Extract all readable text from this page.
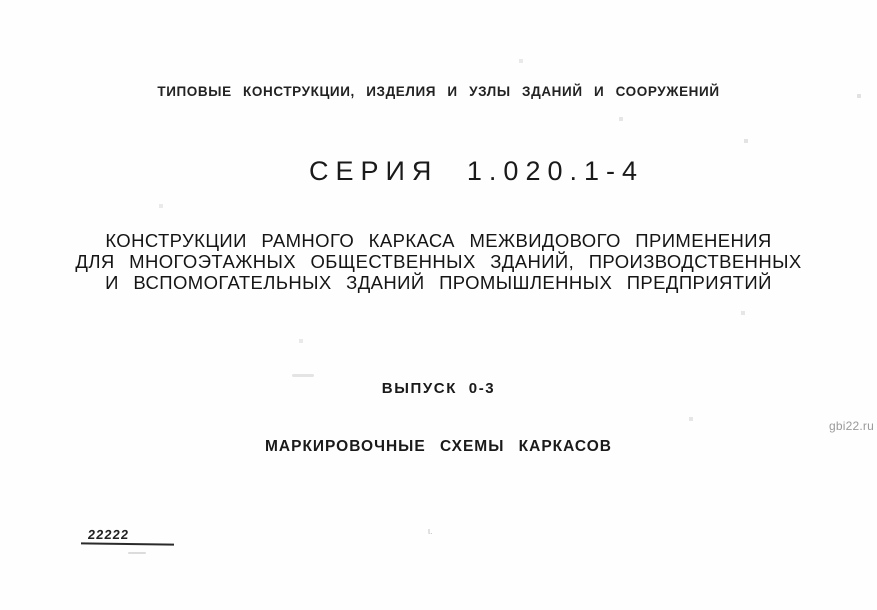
ТИПОВЫЕ КОНСТРУКЦИИ, ИЗДЕЛИЯ И УЗЛЫ ЗДАНИЙ И СООРУЖЕНИЙ
СЕРИЯ 1.020.1-4
КОНСТРУКЦИИ РАМНОГО КАРКАСА МЕЖВИДОВОГО ПРИМЕНЕНИЯ
ДЛЯ МНОГОЭТАЖНЫХ ОБЩЕСТВЕННЫХ ЗДАНИЙ, ПРОИЗВОДСТВЕННЫХ
И ВСПОМОГАТЕЛЬНЫХ ЗДАНИЙ ПРОМЫШЛЕННЫХ ПРЕДПРИЯТИЙ
ВЫПУСК 0-3
МАРКИРОВОЧНЫЕ СХЕМЫ КАРКАСОВ
22222	ι.
gbi22.ru
